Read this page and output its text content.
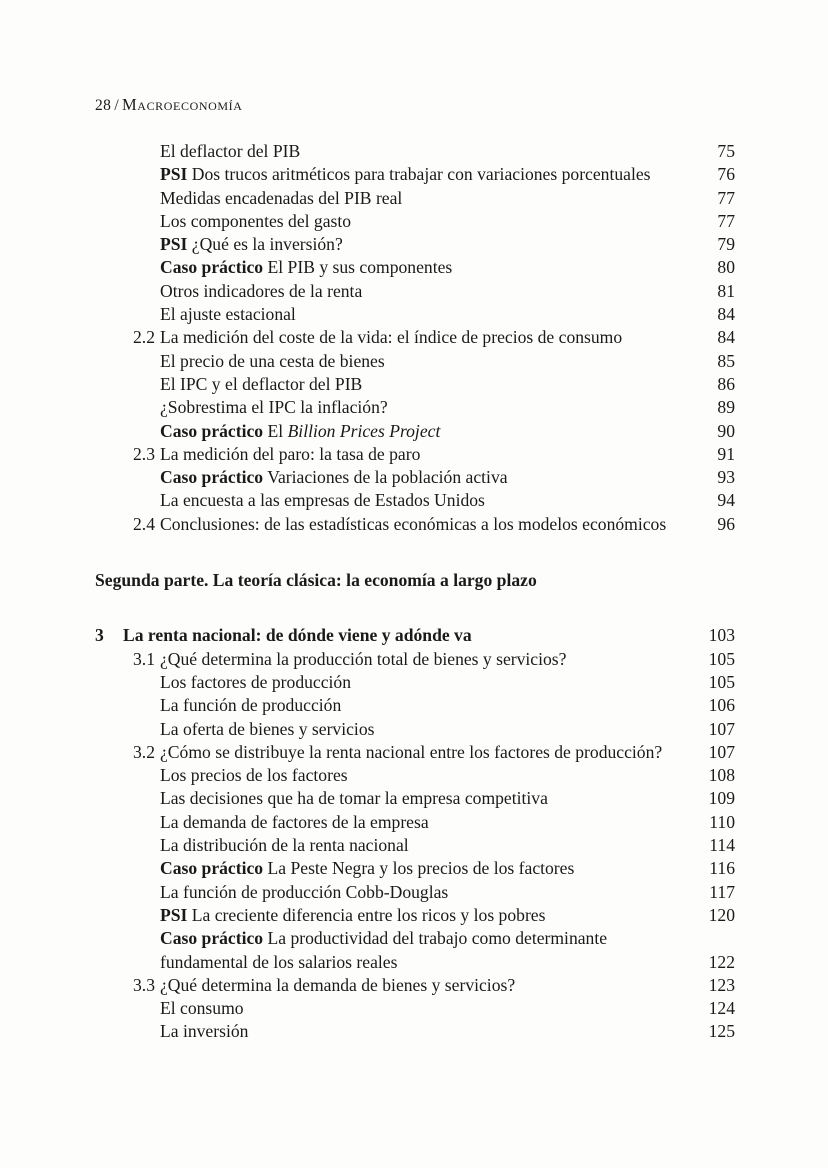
28 / Macroeconomía
El deflactor del PIB	75
PSI Dos trucos aritméticos para trabajar con variaciones porcentuales	76
Medidas encadenadas del PIB real	77
Los componentes del gasto	77
PSI ¿Qué es la inversión?	79
Caso práctico El PIB y sus componentes	80
Otros indicadores de la renta	81
El ajuste estacional	84
2.2 La medición del coste de la vida: el índice de precios de consumo	84
El precio de una cesta de bienes	85
El IPC y el deflactor del PIB	86
¿Sobrestima el IPC la inflación?	89
Caso práctico El Billion Prices Project	90
2.3 La medición del paro: la tasa de paro	91
Caso práctico Variaciones de la población activa	93
La encuesta a las empresas de Estados Unidos	94
2.4 Conclusiones: de las estadísticas económicas a los modelos económicos	96
Segunda parte. La teoría clásica: la economía a largo plazo
3 La renta nacional: de dónde viene y adónde va	103
3.1 ¿Qué determina la producción total de bienes y servicios?	105
Los factores de producción	105
La función de producción	106
La oferta de bienes y servicios	107
3.2 ¿Cómo se distribuye la renta nacional entre los factores de producción?	107
Los precios de los factores	108
Las decisiones que ha de tomar la empresa competitiva	109
La demanda de factores de la empresa	110
La distribución de la renta nacional	114
Caso práctico La Peste Negra y los precios de los factores	116
La función de producción Cobb-Douglas	117
PSI La creciente diferencia entre los ricos y los pobres	120
Caso práctico La productividad del trabajo como determinante fundamental de los salarios reales	122
3.3 ¿Qué determina la demanda de bienes y servicios?	123
El consumo	124
La inversión	125
